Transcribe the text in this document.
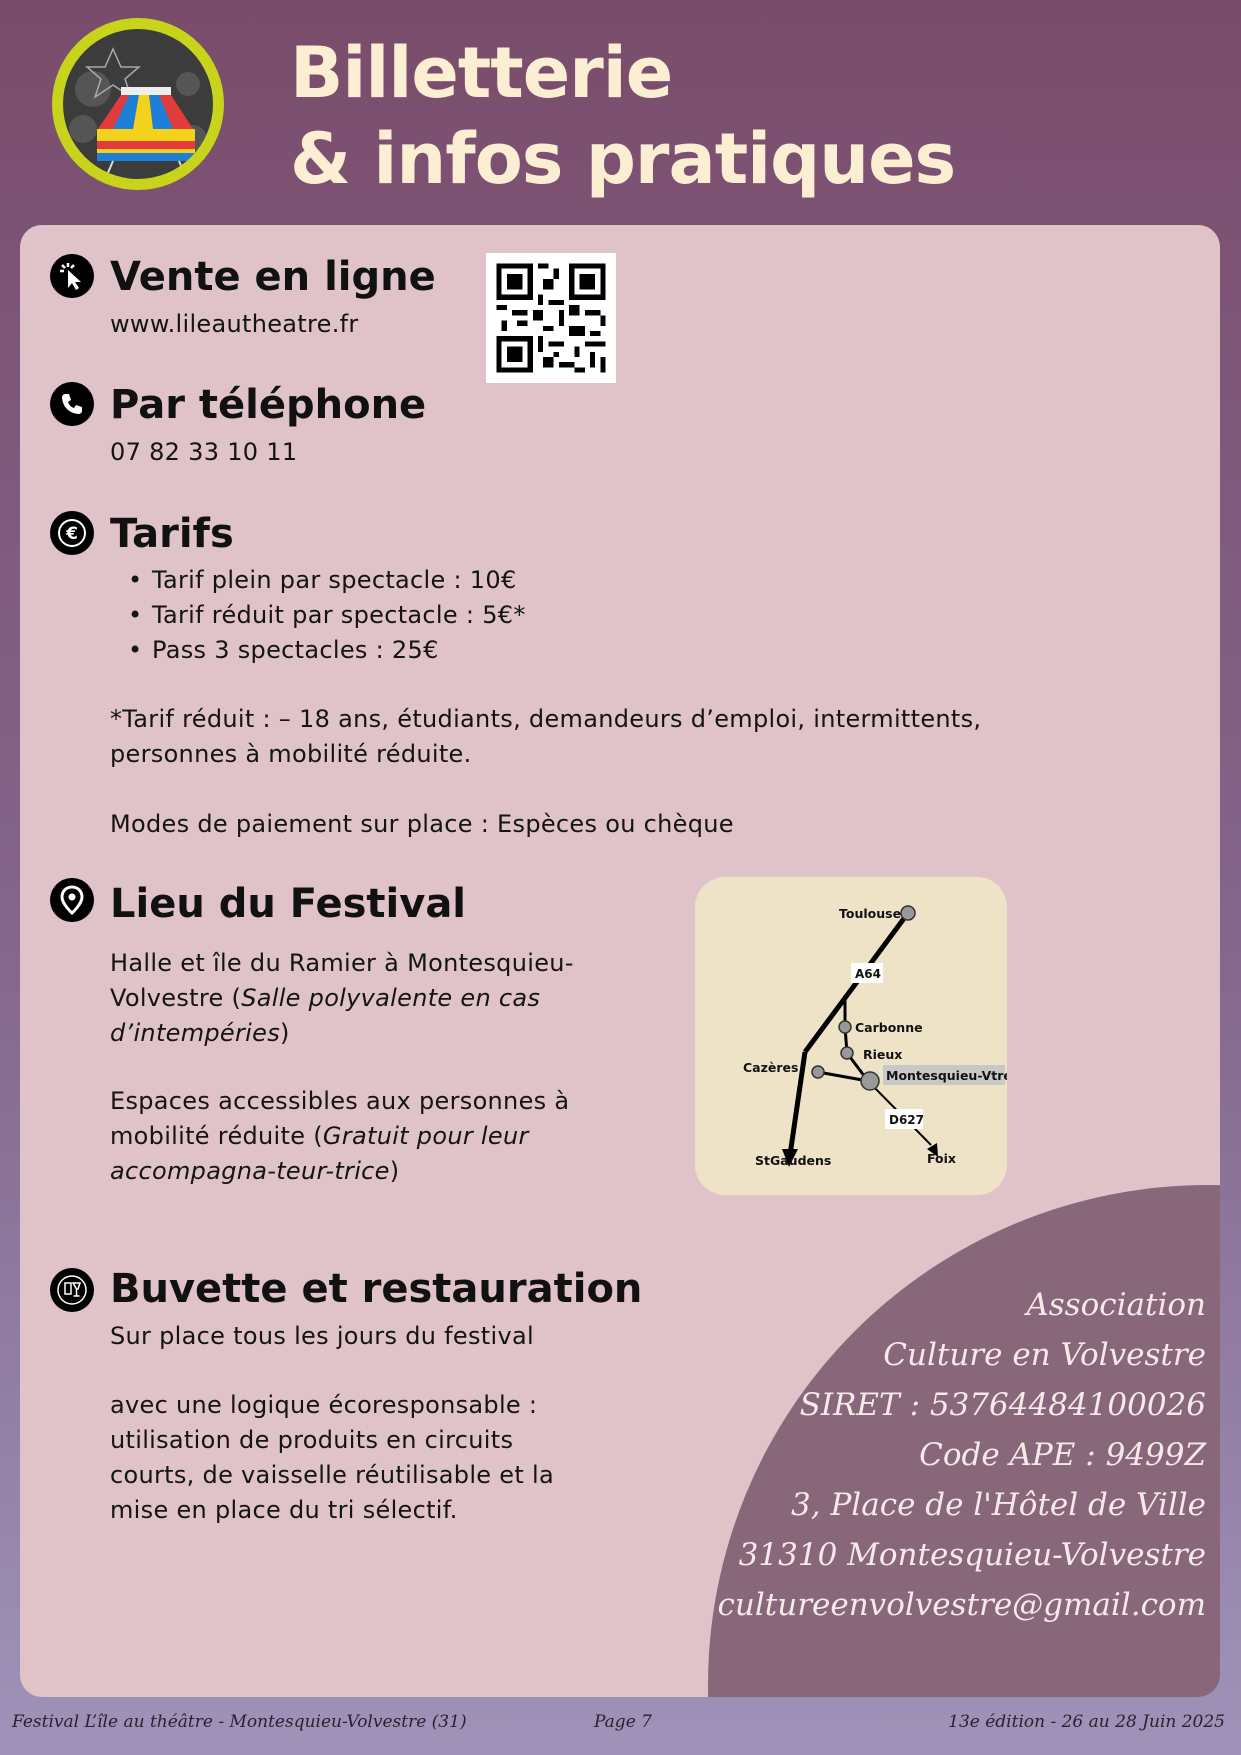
Billetterie
& infos pratiques
Vente en ligne

www.lileautheatre.fr

Par téléphone

07 82 33 10 11

€ Tarifs
• Tarif plein par spectacle : 10€
• Tarif réduit par spectacle : 5€*
• Pass 3 spectacles : 25€

*Tarif réduit : – 18 ans, étudiants, demandeurs d’emploi, intermittents,

personnes à mobilité réduite.

Modes de paiement sur place : Espèces ou chèque

Lieu du Festival

Halle et île du Ramier à Montesquieu-

Volvestre (Salle polyvalente en cas

d’intempéries)

Espaces accessibles aux personnes à

mobilité réduite (Gratuit pour leur

accompagna-teur-trice)

Toulouse
A64
Carbonne
Rieux
Cazères
Montesquieu-Vtre
D627
StGaudens	Foix
Buvette et restauration

Sur place tous les jours du festival

avec une logique écoresponsable :

utilisation de produits en circuits

courts, de vaisselle réutilisable et la

mise en place du tri sélectif.

Association

Culture en Volvestre

SIRET : 53764484100026

Code APE : 9499Z

3, Place de l'Hôtel de Ville

31310 Montesquieu-Volvestre

cultureenvolvestre@gmail.com

Festival L’île au théâtre - Montesquieu-Volvestre (31)	Page 7	13e édition - 26 au 28 Juin 2025
